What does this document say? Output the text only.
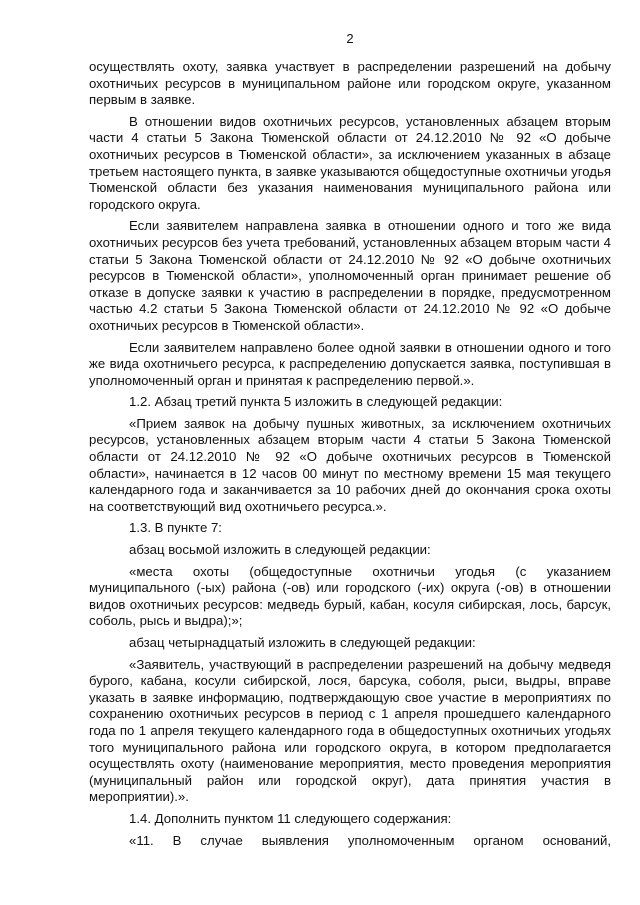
2

осуществлять охоту, заявка участвует в распределении разрешений на добычу охотничьих ресурсов в муниципальном районе или городском округе, указанном первым в заявке.

В отношении видов охотничьих ресурсов, установленных абзацем вторым части 4 статьи 5 Закона Тюменской области от 24.12.2010 № 92 «О добыче охотничьих ресурсов в Тюменской области», за исключением указанных в абзаце третьем настоящего пункта, в заявке указываются общедоступные охотничьи угодья Тюменской области без указания наименования муниципального района или городского округа.

Если заявителем направлена заявка в отношении одного и того же вида охотничьих ресурсов без учета требований, установленных абзацем вторым части 4 статьи 5 Закона Тюменской области от 24.12.2010 № 92 «О добыче охотничьих ресурсов в Тюменской области», уполномоченный орган принимает решение об отказе в допуске заявки к участию в распределении в порядке, предусмотренном частью 4.2 статьи 5 Закона Тюменской области от 24.12.2010 № 92 «О добыче охотничьих ресурсов в Тюменской области».

Если заявителем направлено более одной заявки в отношении одного и того же вида охотничьего ресурса, к распределению допускается заявка, поступившая в уполномоченный орган и принятая к распределению первой.».

1.2. Абзац третий пункта 5 изложить в следующей редакции:

«Прием заявок на добычу пушных животных, за исключением охотничьих ресурсов, установленных абзацем вторым части 4 статьи 5 Закона Тюменской области от 24.12.2010 № 92 «О добыче охотничьих ресурсов в Тюменской области», начинается в 12 часов 00 минут по местному времени 15 мая текущего календарного года и заканчивается за 10 рабочих дней до окончания срока охоты на соответствующий вид охотничьего ресурса.».

1.3. В пункте 7:

абзац восьмой изложить в следующей редакции:

«места охоты (общедоступные охотничьи угодья (с указанием муниципального (-ых) района (-ов) или городского (-их) округа (-ов) в отношении видов охотничьих ресурсов: медведь бурый, кабан, косуля сибирская, лось, барсук, соболь, рысь и выдра);»;

абзац четырнадцатый изложить в следующей редакции:

«Заявитель, участвующий в распределении разрешений на добычу медведя бурого, кабана, косули сибирской, лося, барсука, соболя, рыси, выдры, вправе указать в заявке информацию, подтверждающую свое участие в мероприятиях по сохранению охотничьих ресурсов в период с 1 апреля прошедшего календарного года по 1 апреля текущего календарного года в общедоступных охотничьих угодьях того муниципального района или городского округа, в котором предполагается осуществлять охоту (наименование мероприятия, место проведения мероприятия (муниципальный район или городской округ), дата принятия участия в мероприятии).».

1.4. Дополнить пунктом 11 следующего содержания:

«11. В случае выявления уполномоченным органом оснований,
